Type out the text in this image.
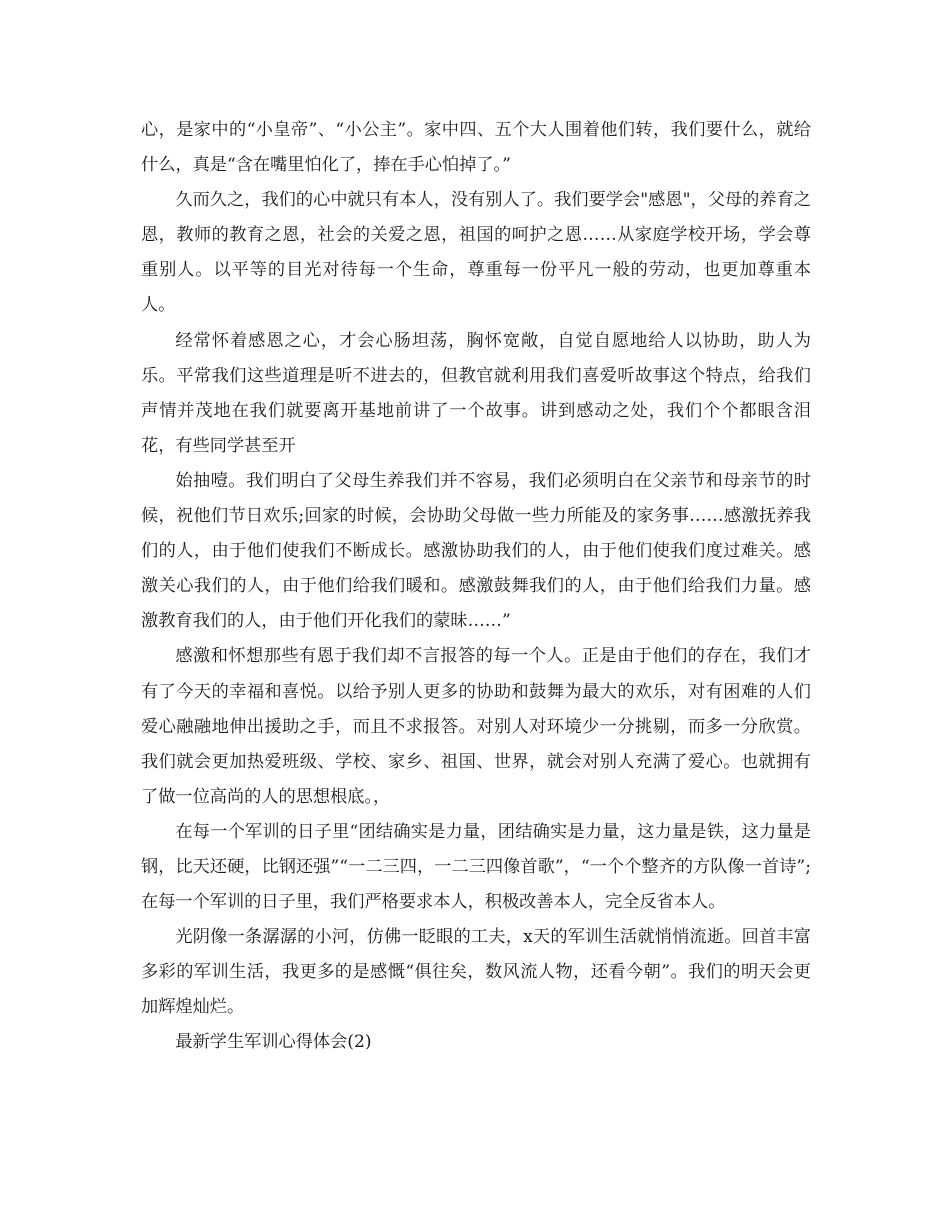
心，是家中的“小皇帝”、“小公主”。家中四、五个大人围着他们转，我们要什么，就给什么，真是“含在嘴里怕化了，捧在手心怕掉了。”

久而久之，我们的心中就只有本人，没有别人了。我们要学会"感恩"，父母的养育之恩，教师的教育之恩，社会的关爱之恩，祖国的呵护之恩……从家庭学校开场，学会尊重别人。以平等的目光对待每一个生命，尊重每一份平凡一般的劳动，也更加尊重本人。

经常怀着感恩之心，才会心肠坦荡，胸怀宽敞，自觉自愿地给人以协助，助人为乐。平常我们这些道理是听不进去的，但教官就利用我们喜爱听故事这个特点，给我们声情并茂地在我们就要离开基地前讲了一个故事。讲到感动之处，我们个个都眼含泪花，有些同学甚至开

始抽噎。我们明白了父母生养我们并不容易，我们必须明白在父亲节和母亲节的时候，祝他们节日欢乐;回家的时候，会协助父母做一些力所能及的家务事……感激抚养我们的人，由于他们使我们不断成长。感激协助我们的人，由于他们使我们度过难关。感激关心我们的人，由于他们给我们暖和。感激鼓舞我们的人，由于他们给我们力量。感激教育我们的人，由于他们开化我们的蒙昧……”

感激和怀想那些有恩于我们却不言报答的每一个人。正是由于他们的存在，我们才有了今天的幸福和喜悦。以给予别人更多的协助和鼓舞为最大的欢乐，对有困难的人们爱心融融地伸出援助之手，而且不求报答。对别人对环境少一分挑剔，而多一分欣赏。我们就会更加热爱班级、学校、家乡、祖国、世界，就会对别人充满了爱心。也就拥有了做一位高尚的人的思想根底。，

在每一个军训的日子里“团结确实是力量，团结确实是力量，这力量是铁，这力量是钢，比天还硬，比钢还强”“一二三四，一二三四像首歌”，“一个个整齐的方队像一首诗”;在每一个军训的日子里，我们严格要求本人，积极改善本人，完全反省本人。

光阴像一条潺潺的小河，仿佛一眨眼的工夫，x天的军训生活就悄悄流逝。回首丰富多彩的军训生活，我更多的是感慨“俱往矣，数风流人物，还看今朝”。我们的明天会更加辉煌灿烂。

最新学生军训心得体会(2)
